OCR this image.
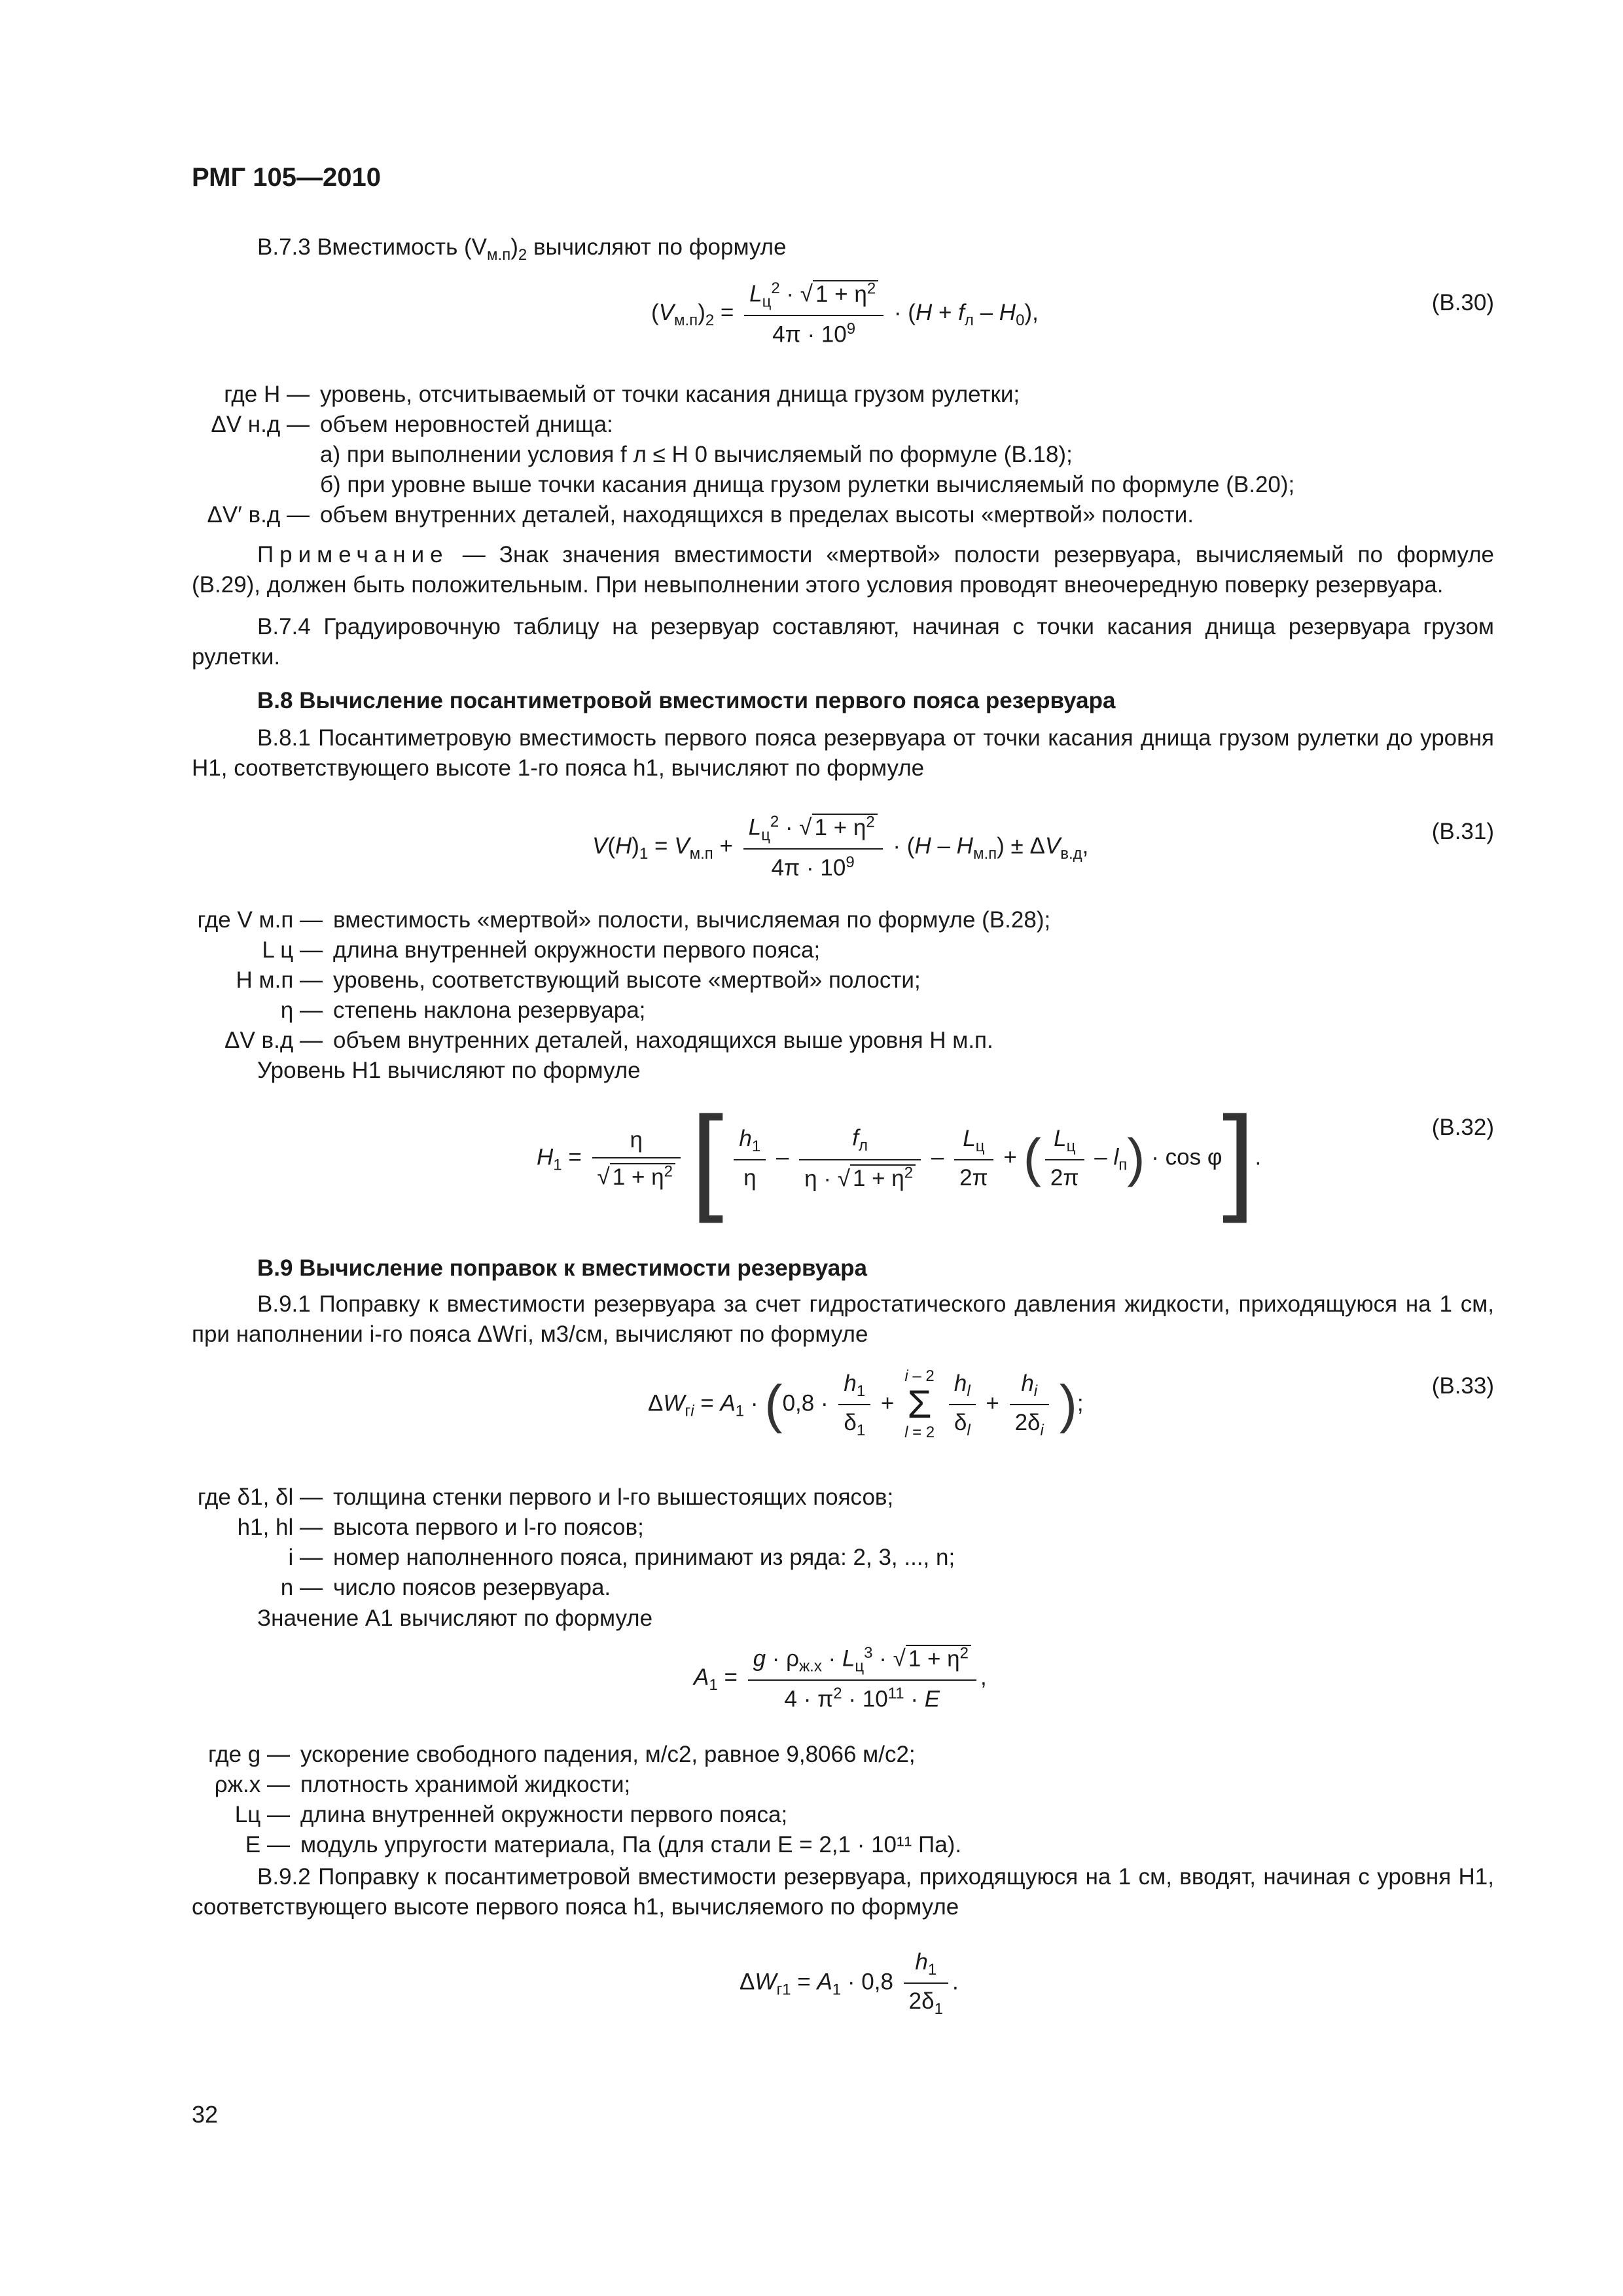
РМГ 105—2010
В.7.3 Вместимость $(V_{м.п})_2$ вычисляют по формуле
$(V_{м.п})_2 = \frac{L_ц^2 \cdot √ 1 + \eta^2}{4\pi \cdot 10^9} \cdot (H + f_л - H_0)$,	(В.30)
где H — уровень, отсчитываемый от точки касания днища грузом рулетки;
ΔV н.д — объем неровностей днища:
а) при выполнении условия f л ≤ H 0 вычисляемый по формуле (В.18);
б) при уровне выше точки касания днища грузом рулетки вычисляемый по формуле (В.20);
ΔV′ в.д — объем внутренних деталей, находящихся в пределах высоты «мертвой» полости.
Примечание — Знак значения вместимости «мертвой» полости резервуара, вычисляемый по формуле (В.29), должен быть положительным. При невыполнении этого условия проводят внеочередную поверку резервуара.
В.7.4 Градуировочную таблицу на резервуар составляют, начиная с точки касания днища резервуара грузом рулетки.
В.8 Вычисление посантиметровой вместимости первого пояса резервуара
В.8.1 Посантиметровую вместимость первого пояса резервуара от точки касания днища грузом рулетки до уровня H1, соответствующего высоте 1-го пояса h1, вычисляют по формуле
$V(H)_1 = V_{м.п} + \frac{L_ц^2 \cdot √ 1 + \eta^2}{4\pi \cdot 10^9} \cdot (H - H_{м.п}) \pm \Delta V_{в.д}$,
(В.31)
где V м.п — вместимость «мертвой» полости, вычисляемая по формуле (В.28);
L ц — длина внутренней окружности первого пояса;
H м.п — уровень, соответствующий высоте «мертвой» полости;
η — степень наклона резервуара;
ΔV в.д — объем внутренних деталей, находящихся выше уровня H м.п.
Уровень H1 вычисляют по формуле
$H_1 = \frac{\eta}{√ 1 + \eta^2}$ [ $\frac{h_1}{\eta} - \frac{f_л}{\eta \cdot √ 1 + \eta^2} - \frac{L_ц}{2\pi}$ + ( $\frac{L_ц}{2\pi} - l_п) \cdot \cos \varphi$].
(В.32)
В.9 Вычисление поправок к вместимости резервуара
В.9.1 Поправку к вместимости резервуара за счет гидростатического давления жидкости, приходящуюся на 1 см, при наполнении i-го пояса ΔWгi, м3/см, вычисляют по формуле
$\Delta W_{гi} = A_1 \cdot (0,8 \cdot \frac{h_1}{\delta_1} + i - 2$
Σ
$l = 2 \frac{h_l}{\delta_l} + \frac{h_i}{2\delta_i}$ );
(В.33)
где δ1, δl — толщина стенки первого и l-го вышестоящих поясов;
h1, hl — высота первого и l-го поясов;
i — номер наполненного пояса, принимают из ряда: 2, 3, ..., n;
n — число поясов резервуара.
Значение A1 вычисляют по формуле
$A_1 = \frac{g \cdot \rho_{ж.х} \cdot L_ц^3 \cdot √ 1 + \eta^2}{4 \cdot \pi^2 \cdot 10^{11} \cdot E}$ ,
где g — ускорение свободного падения, м/с2, равное 9,8066 м/с2;
ρж.х — плотность хранимой жидкости;
Lц — длина внутренней окружности первого пояса;
E — модуль упругости материала, Па (для стали E = 2,1 · 10¹¹ Па).
В.9.2 Поправку к посантиметровой вместимости резервуара, приходящуюся на 1 см, вводят, начиная с уровня H1, соответствующего высоте первого пояса h1, вычисляемого по формуле
$\Delta W_{г1} = A_1 \cdot 0,8 \frac{h_1}{2\delta_1}$ .
32
